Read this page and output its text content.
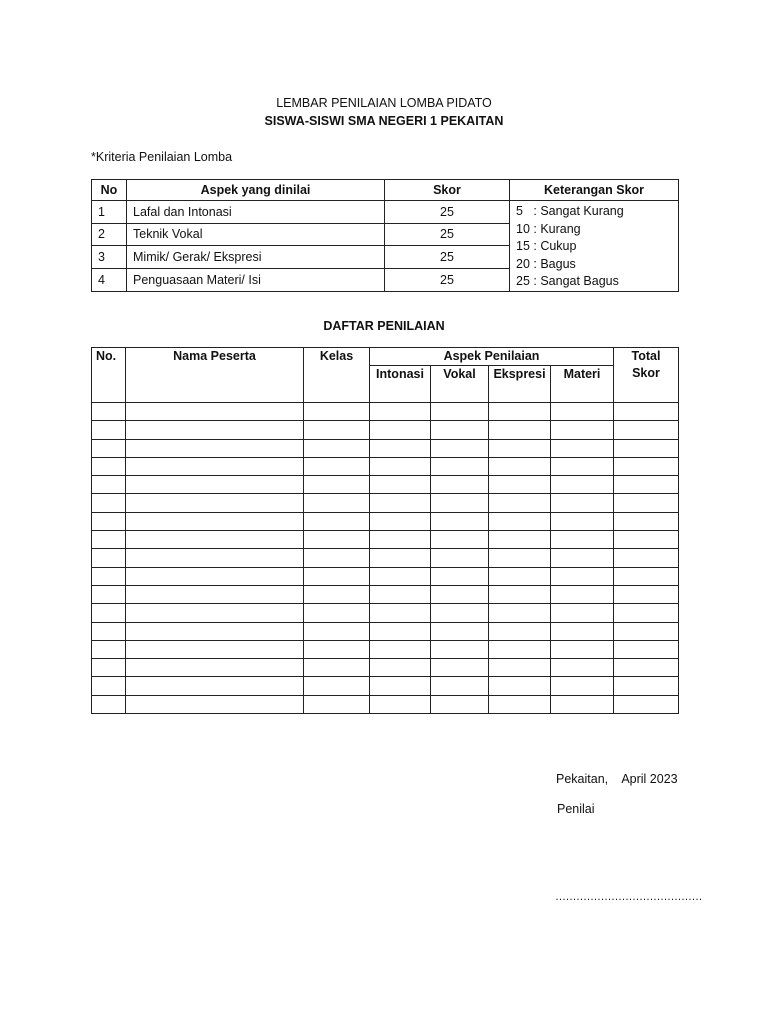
LEMBAR PENILAIAN LOMBA PIDATO
SISWA-SISWI SMA NEGERI 1 PEKAITAN
*Kriteria Penilaian Lomba
No	Aspek yang dinilai	Skor	Keterangan Skor
1	Lafal dan Intonasi	25	5   : Sangat Kurang
10 : Kurang
15 : Cukup
20 : Bagus
25 : Sangat Bagus

2	Teknik Vokal	25	
3	Mimik/ Gerak/ Ekspresi	25	
4	Penguasaan Materi/ Isi	25	
DAFTAR PENILAIAN
No.	Nama Peserta	Kelas	Aspek Penilaian				Total Skor
			Intonasi	Vokal	Ekspresi	Materi	

Pekaitan,    April 2023
Penilai
……………………………………
